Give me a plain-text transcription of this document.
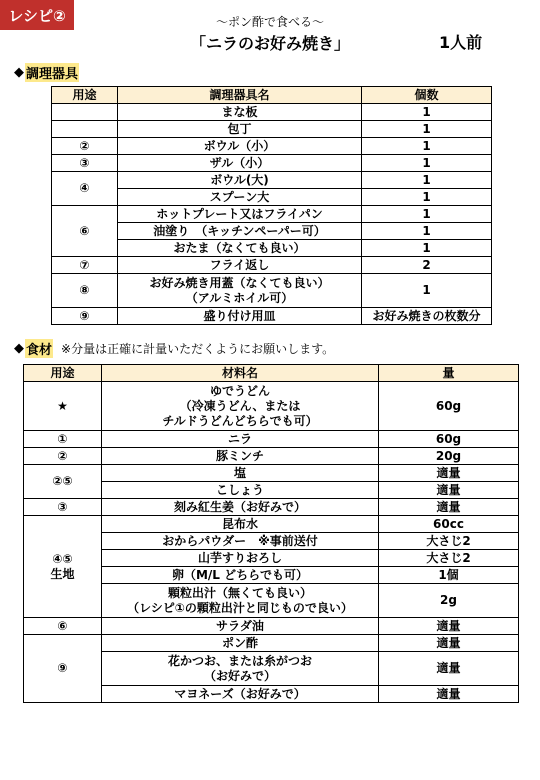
レシピ②	～ポン酢で食べる～
「ニラのお好み焼き」	1人前
◆ 調理器具
用途	調理器具名	個数
	まな板	1
	包丁	1
②	ボウル（小）	1
③	ザル（小）	1
④	ボウル(大)	1
	スプーン大	1
⑥	ホットプレート又はフライパン	1
	油塗り　（キッチンペーパー可）	1
	おたま（なくても良い）	1
⑦	フライ返し	2
⑧	お好み焼き用蓋（なくても良い）
（アルミホイル可）	1
⑨	盛り付け用皿	お好み焼きの枚数分
◆ 食材 ※分量は正確に計量いただくようにお願いします。
用途	材料名	量
★	ゆでうどん
（冷凍うどん、または
チルドうどんどちらでも可）	60g
①	ニラ	60g
②	豚ミンチ	20g
②⑤	塩	適量
	こしょう	適量
③	刻み紅生姜（お好みで）	適量
④⑤
生地	昆布水	60cc
	おからパウダー　※事前送付	大さじ2
	山芋すりおろし	大さじ2
	卵（M/L どちらでも可）	1個
	顆粒出汁（無くても良い）
（レシピ①の顆粒出汁と同じもので良い）	2g
⑥	サラダ油	適量
⑨	ポン酢	適量
	花かつお、または糸がつお
（お好みで）	適量
	マヨネーズ（お好みで）	適量
